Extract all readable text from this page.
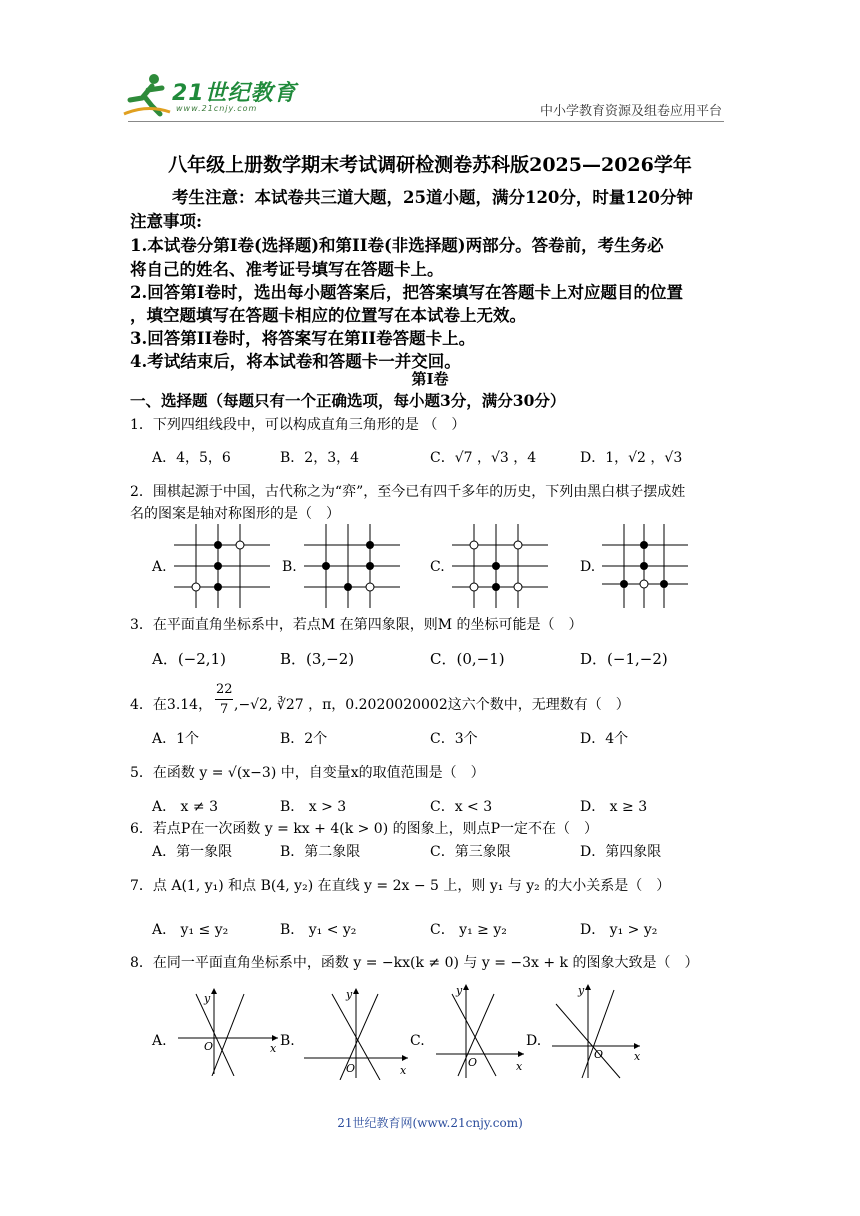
21世纪教育
www.21cnjy.com	中小学教育资源及组卷应用平台
八年级上册数学期末考试调研检测卷苏科版2025—2026学年
考生注意：本试卷共三道大题，25道小题，满分120分，时量120分钟
注意事项:
1.本试卷分第Ⅰ卷(选择题)和第II卷(非选择题)两部分。答卷前，考生务必
将自己的姓名、准考证号填写在答题卡上。
2.回答第Ⅰ卷时，选出每小题答案后，把答案填写在答题卡上对应题目的位置
，填空题填写在答题卡相应的位置写在本试卷上无效。
3.回答第II卷时，将答案写在第II卷答题卡上。
4.考试结束后，将本试卷和答题卡一并交回。
第Ⅰ卷
一、选择题（每题只有一个正确选项，每小题3分，满分30分）
1．下列四组线段中，可以构成直角三角形的是 （　）
A．4，5，6	B．2，3，4	C．√7 ，√3 ，4	D．1，√2 ，√3
2．围棋起源于中国，古代称之为“弈”，至今已有四千多年的历史，下列由黑白棋子摆成姓
名的图案是轴对称图形的是（　）
A.	B.	C.	D.
3．在平面直角坐标系中，若点M 在第四象限，则M 的坐标可能是（　）
A．(−2,1)	B．(3,−2)	C．(0,−1)	D．(−1,−2)
4．在3.14，
22
7 ,−√2, ∛27 ，π，0.2020020002这六个数中，无理数有（　）
A．1个	B．2个	C．3个	D．4个
5．在函数 y = √(x−3) 中，自变量x的取值范围是（　）
A． x ≠ 3	B． x > 3	C．x < 3	D． x ≥ 3
6．若点P在一次函数 y = kx + 4(k > 0) 的图象上，则点P一定不在（　）
A．第一象限	B．第二象限	C．第三象限	D．第四象限
7．点 A(1, y₁) 和点 B(4, y₂) 在直线 y = 2x − 5 上，则 y₁ 与 y₂ 的大小关系是（　）
A． y₁ ≤ y₂	B． y₁ < y₂	C． y₁ ≥ y₂	D． y₁ > y₂
8．在同一平面直角坐标系中，函数 y = −kx(k ≠ 0) 与 y = −3x + k 的图象大致是（　）
A.
y
x
O	B.
y
x
O
C.
y
x
O
D.
y
x
O
21世纪教育网(www.21cnjy.com)
